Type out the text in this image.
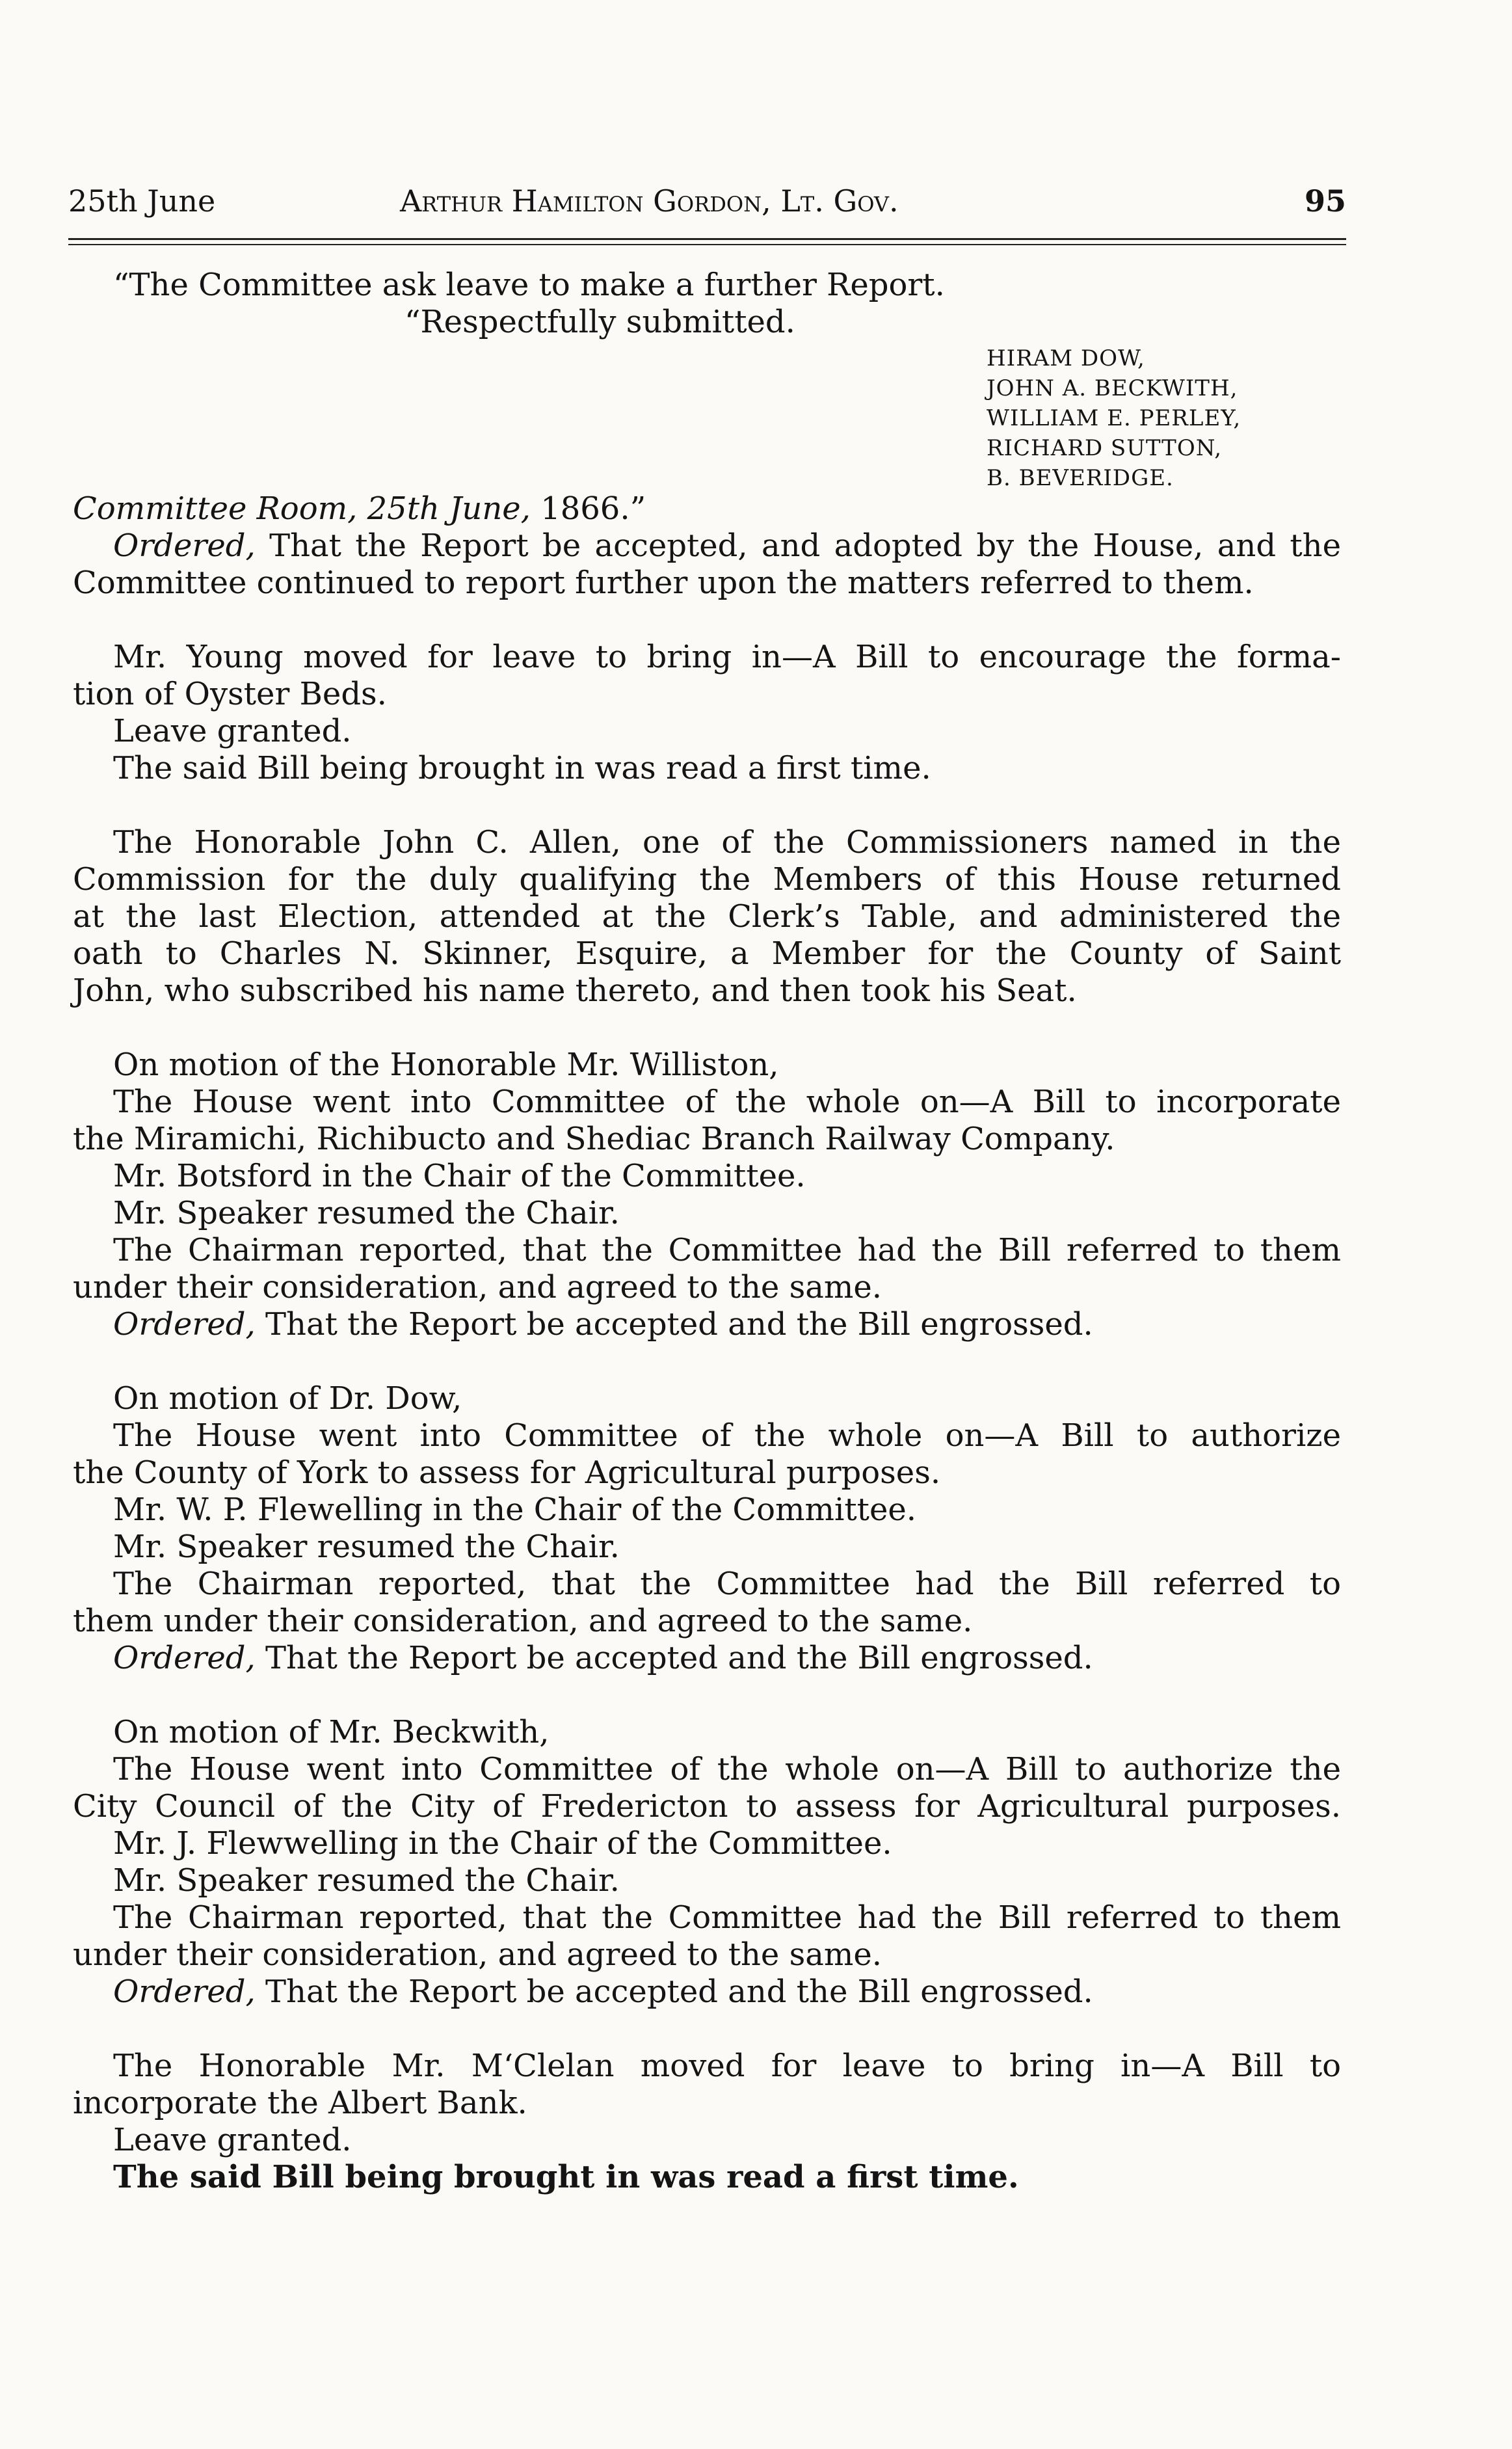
25th June	Arthur Hamilton Gordon, Lt. Gov.	95

“The Committee ask leave to make a further Report.

“Respectfully submitted.

HIRAM DOW,
JOHN A. BECKWITH,
WILLIAM E. PERLEY,
RICHARD SUTTON,
B. BEVERIDGE.

Committee Room, 25th June, 1866.”

Ordered, That the Report be accepted, and adopted by the House, and the

Committee continued to report further upon the matters referred to them.

Mr. Young moved for leave to bring in—A Bill to encourage the forma-

tion of Oyster Beds.

Leave granted.

The said Bill being brought in was read a first time.

The Honorable John C. Allen, one of the Commissioners named in the

Commission for the duly qualifying the Members of this House returned

at the last Election, attended at the Clerk’s Table, and administered the

oath to Charles N. Skinner, Esquire, a Member for the County of Saint

John, who subscribed his name thereto, and then took his Seat.

On motion of the Honorable Mr. Williston,

The House went into Committee of the whole on—A Bill to incorporate

the Miramichi, Richibucto and Shediac Branch Railway Company.

Mr. Botsford in the Chair of the Committee.

Mr. Speaker resumed the Chair.

The Chairman reported, that the Committee had the Bill referred to them

under their consideration, and agreed to the same.

Ordered, That the Report be accepted and the Bill engrossed.

On motion of Dr. Dow,

The House went into Committee of the whole on—A Bill to authorize

the County of York to assess for Agricultural purposes.

Mr. W. P. Flewelling in the Chair of the Committee.

Mr. Speaker resumed the Chair.

The Chairman reported, that the Committee had the Bill referred to

them under their consideration, and agreed to the same.

Ordered, That the Report be accepted and the Bill engrossed.

On motion of Mr. Beckwith,

The House went into Committee of the whole on—A Bill to authorize the

City Council of the City of Fredericton to assess for Agricultural purposes.

Mr. J. Flewwelling in the Chair of the Committee.

Mr. Speaker resumed the Chair.

The Chairman reported, that the Committee had the Bill referred to them

under their consideration, and agreed to the same.

Ordered, That the Report be accepted and the Bill engrossed.

The Honorable Mr. M‘Clelan moved for leave to bring in—A Bill to

incorporate the Albert Bank.

Leave granted.

The said Bill being brought in was read a first time.
